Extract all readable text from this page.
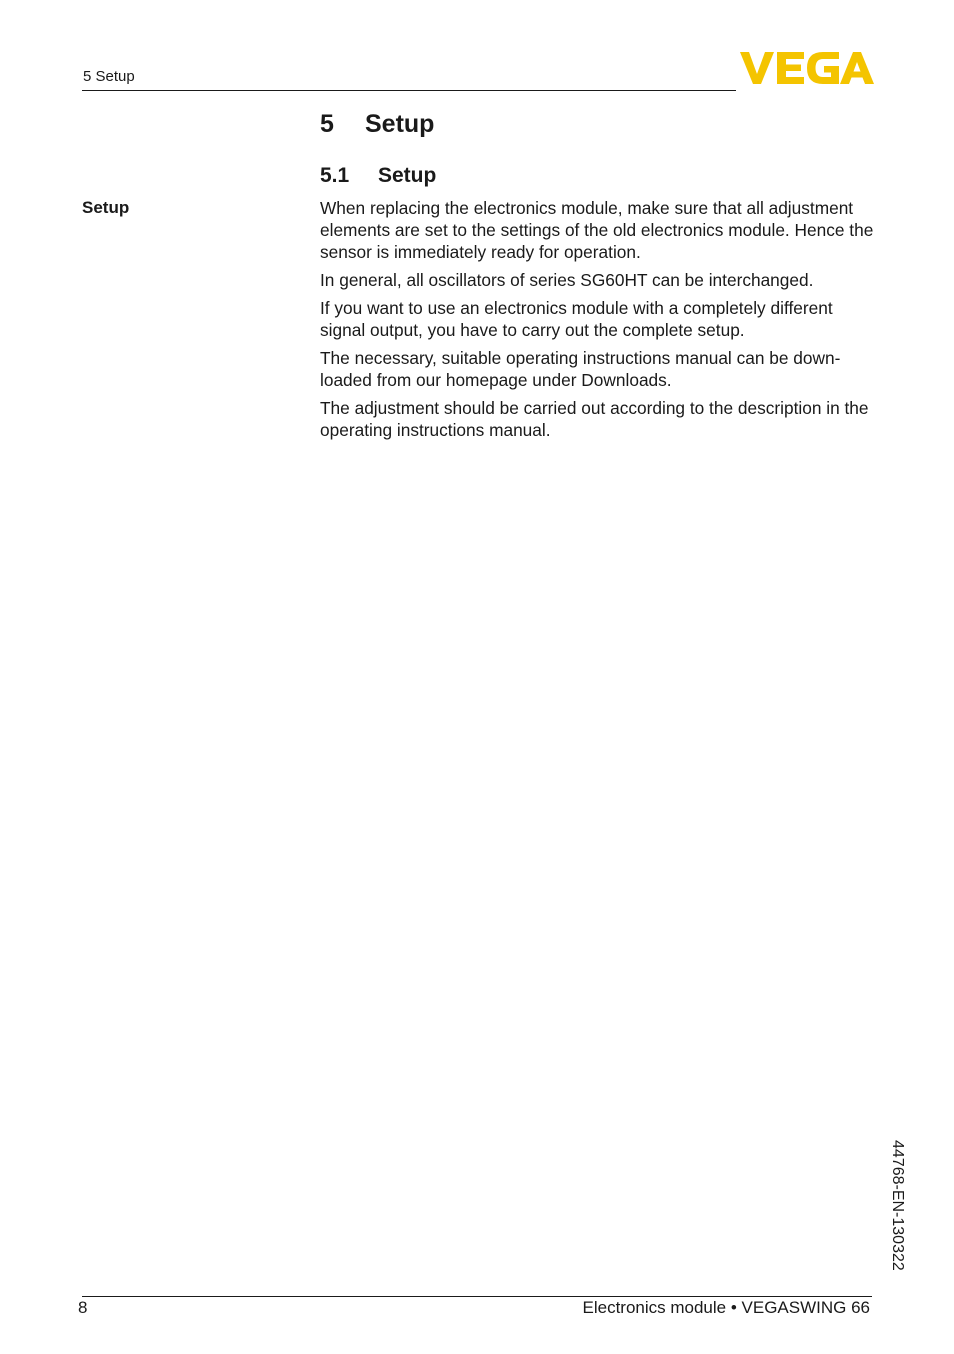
5 Setup
5	Setup
5.1	Setup
Setup	When replacing the electronics module, make sure that all adjustment elements are set to the settings of the old electronics module. Hence the sensor is immediately ready for operation.

In general, all oscillators of series SG60HT can be interchanged.

If you want to use an electronics module with a completely different signal output, you have to carry out the complete setup.

The necessary, suitable operating instructions manual can be down-loaded from our homepage under Downloads.

The adjustment should be carried out according to the description in the operating instructions manual.

44768-EN-130322
8	Electronics module • VEGASWING 66
